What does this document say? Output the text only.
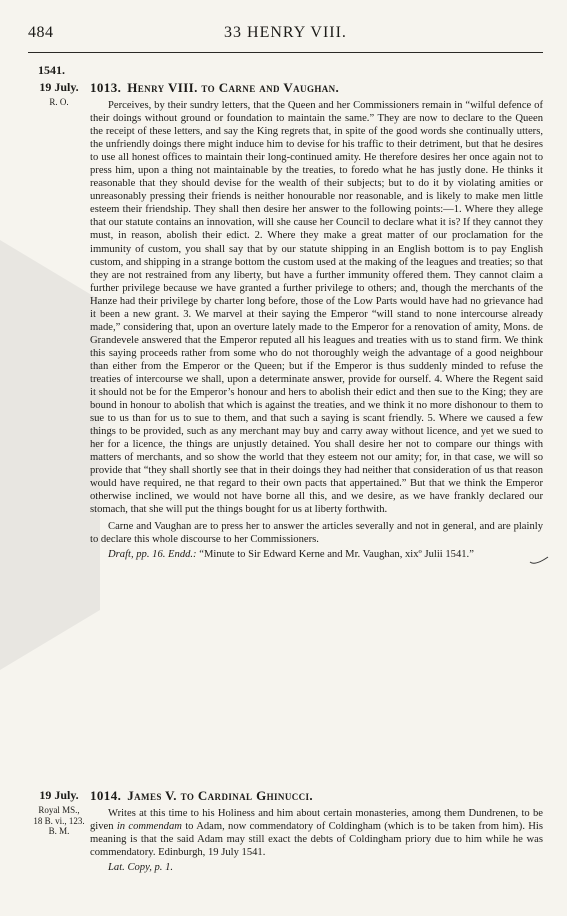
484	33 HENRY VIII.
1541.
19 July.
R. O.

1013. Henry VIII. to Carne and Vaughan.

Perceives, by their sundry letters, that the Queen and her Commissioners remain in “wilful defence of their doings without ground or foundation to maintain the same.” They are now to declare to the Queen the receipt of these letters, and say the King regrets that, in spite of the good words she continually utters, the unfriendly doings there might induce him to devise for his traffic to their detriment, but that he desires to use all honest offices to maintain their long-continued amity. He therefore desires her once again not to press him, upon a thing not maintainable by the treaties, to foredo what he has justly done. He thinks it reasonable that they should devise for the wealth of their subjects; but to do it by violating amities or unreasonably pressing their friends is neither honourable nor reasonable, and is likely to make men little esteem their friendship. They shall then desire her answer to the following points:—1. Where they allege that our statute contains an innovation, will she cause her Council to declare what it is? If they cannot they must, in reason, abolish their edict. 2. Where they make a great matter of our proclamation for the immunity of custom, you shall say that by our statute shipping in an English bottom is to pay English custom, and shipping in a strange bottom the custom used at the making of the leagues and treaties; so that they are not restrained from any liberty, but have a further immunity offered them. They cannot claim a further privilege because we have granted a further privilege to others; and, though the merchants of the Hanze had their privilege by charter long before, those of the Low Parts would have had no grievance had it been a new grant. 3. We marvel at their saying the Emperor “will stand to none intercourse already made,” considering that, upon an overture lately made to the Emperor for a renovation of amity, Mons. de Grandevele answered that the Emperor reputed all his leagues and treaties with us to stand firm. We think this saying proceeds rather from some who do not thoroughly weigh the advantage of a good neighbour than either from the Emperor or the Queen; but if the Emperor is thus suddenly minded to refuse the treaties of intercourse we shall, upon a determinate answer, provide for ourself. 4. Where the Regent said it should not be for the Emperor’s honour and hers to abolish their edict and then sue to the King; they are bound in honour to abolish that which is against the treaties, and we think it no more dishonour to them to sue to us than for us to sue to them, and that such a saying is scant friendly. 5. Where we caused a few things to be provided, such as any merchant may buy and carry away without licence, and yet we sued to her for a licence, the things are unjustly detained. You shall desire her not to compare our things with matters of merchants, and so show the world that they esteem not our amity; for, in that case, we will so provide that “they shall shortly see that in their doings they had neither that consideration of us that reason would have required, ne that regard to their own pacts that appertained.” But that we think the Emperor otherwise inclined, we would not have borne all this, and we desire, as we have frankly declared our stomach, that she will put the things bought for us at liberty forthwith.

Carne and Vaughan are to press her to answer the articles severally and not in general, and are plainly to declare this whole discourse to her Commissioners.

Draft, pp. 16. Endd.: “Minute to Sir Edward Kerne and Mr. Vaughan, xixº Julii 1541.”

19 July.
Royal MS.,
18 B. vi., 123.
B. M.

1014. James V. to Cardinal Ghinucci.

Writes at this time to his Holiness and him about certain monasteries, among them Dundrenen, to be given in commendam to Adam, now commendatory of Coldingham (which is to be taken from him). His meaning is that the said Adam may still exact the debts of Coldingham priory due to him while he was commendatory. Edinburgh, 19 July 1541.

Lat. Copy, p. 1.
